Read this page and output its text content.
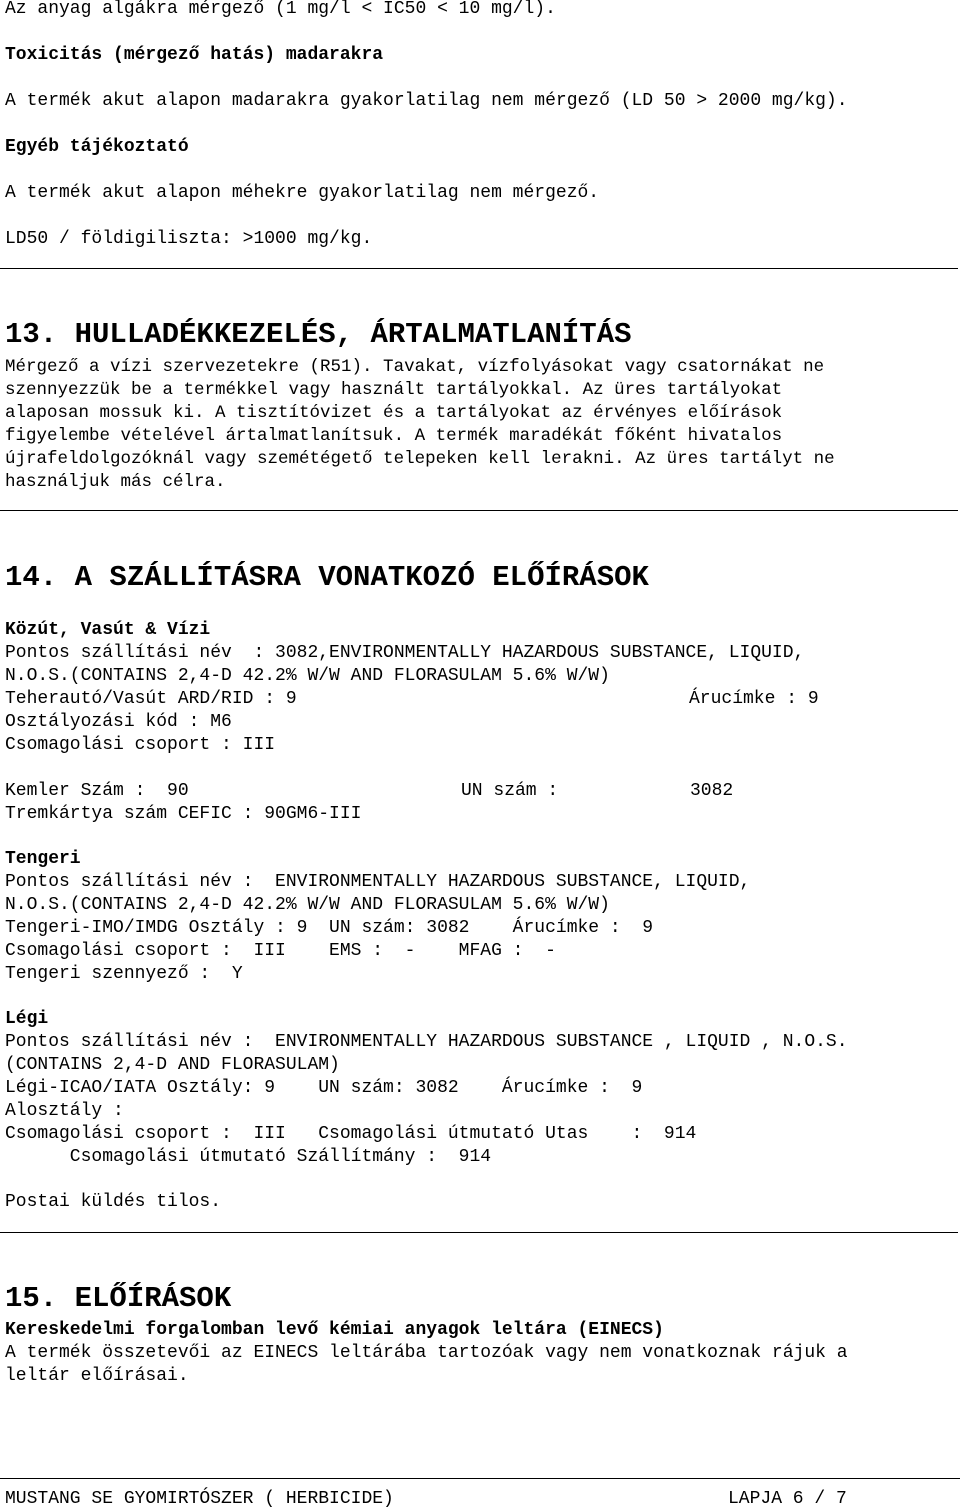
Az anyag algákra mérgező (1 mg/l < IC50 < 10 mg/l).
Toxicitás (mérgező hatás) madarakra
A termék akut alapon madarakra gyakorlatilag nem mérgező (LD 50 > 2000 mg/kg).
Egyéb tájékoztató
A termék akut alapon méhekre gyakorlatilag nem mérgező.
LD50 / földigiliszta: >1000 mg/kg.
13. HULLADÉKKEZELÉS, ÁRTALMATLANÍTÁS
Mérgező a vízi szervezetekre (R51). Tavakat, vízfolyásokat vagy csatornákat ne
szennyezzük be a termékkel vagy használt tartályokkal. Az üres tartályokat
alaposan mossuk ki. A tisztítóvizet és a tartályokat az érvényes előírások
figyelembe vételével ártalmatlanítsuk. A termék maradékát főként hivatalos
újrafeldolgozóknál vagy szemétégető telepeken kell lerakni. Az üres tartályt ne
használjuk más célra.
14. A SZÁLLÍTÁSRA VONATKOZÓ ELŐÍRÁSOK
Közút, Vasút & Vízi
Pontos szállítási név  : 3082,ENVIRONMENTALLY HAZARDOUS SUBSTANCE, LIQUID,
N.O.S.(CONTAINS 2,4-D 42.2% W/W AND FLORASULAM 5.6% W/W)
Teherautó/Vasút ARD/RID : 9	Árucímke : 9
Osztályozási kód : M6
Csomagolási csoport : III
Kemler Szám :  90	UN szám :	3082
Tremkártya szám CEFIC : 90GM6-III
Tengeri
Pontos szállítási név :  ENVIRONMENTALLY HAZARDOUS SUBSTANCE, LIQUID,
N.O.S.(CONTAINS 2,4-D 42.2% W/W AND FLORASULAM 5.6% W/W)
Tengeri-IMO/IMDG Osztály : 9  UN szám: 3082    Árucímke :  9
Csomagolási csoport :  III    EMS :  -    MFAG :  -
Tengeri szennyező :  Y
Légi
Pontos szállítási név :  ENVIRONMENTALLY HAZARDOUS SUBSTANCE , LIQUID , N.O.S.
(CONTAINS 2,4-D AND FLORASULAM)
Légi-ICAO/IATA Osztály: 9    UN szám: 3082    Árucímke :  9
Alosztály :
Csomagolási csoport :  III   Csomagolási útmutató Utas    :  914
Csomagolási útmutató Szállítmány :  914
Postai küldés tilos.
15. ELŐÍRÁSOK
Kereskedelmi forgalomban levő kémiai anyagok leltára (EINECS)
A termék összetevői az EINECS leltárába tartozóak vagy nem vonatkoznak rájuk a
leltár előírásai.
MUSTANG SE GYOMIRTÓSZER ( HERBICIDE)	LAPJA 6 / 7
